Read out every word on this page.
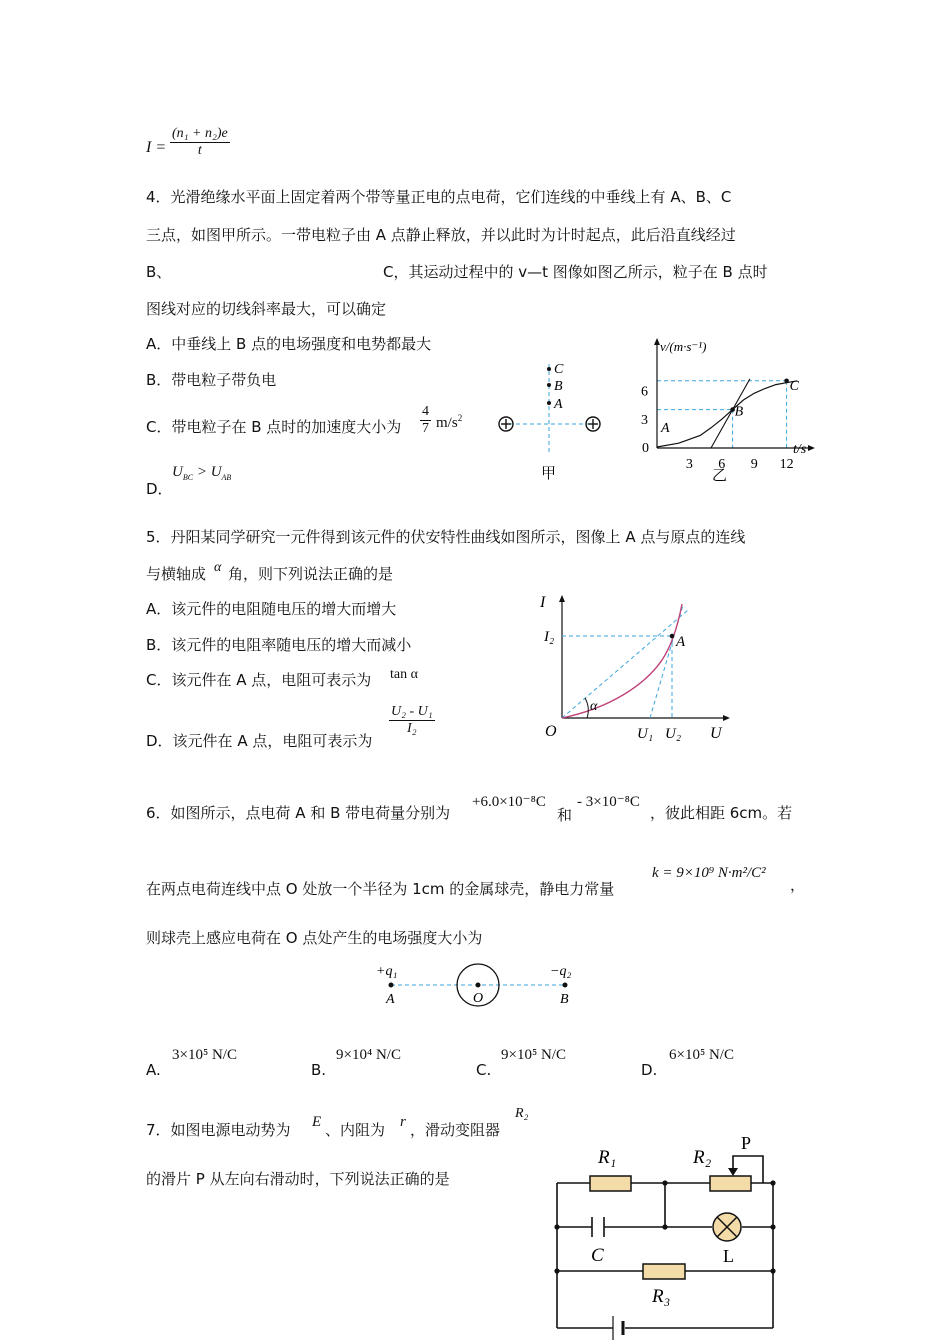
$I = \frac{\text{(n₁ + n₂)e}}{t}$
4．光滑绝缘水平面上固定着两个带等量正电的点电荷，它们连线的中垂线上有 A、B、C
三点，如图甲所示。一带电粒子由 A 点静止释放，并以此时为计时起点，此后沿直线经过
B、	C，其运动过程中的 v—t 图像如图乙所示，粒子在 B 点时
图线对应的切线斜率最大，可以确定
A．中垂线上 B 点的电场强度和电势都最大
B．带电粒子带负电
C．带电粒子在 B 点时的加速度大小为 $\frac{4}{7} m/s^2$
D．
$U_{BC} > U_{AB}$
C
B
A
甲
v/(m·s⁻¹)
t/s
0
3 6 9 12
3
6
A
B
C
乙
5．丹阳某同学研究一元件得到该元件的伏安特性曲线如图所示，图像上 A 点与原点的连线
与横轴成 α 角，则下列说法正确的是
A．该元件的电阻随电压的增大而增大
B．该元件的电阻率随电压的增大而减小
C．该元件在 A 点，电阻可表示为 tan α
D．该元件在 A 点，电阻可表示为
$\frac{\text{U₂ - U₁}}{\text{I₂}}$
I
U
O
I₂
U₁ U₂
A
α
6．如图所示，点电荷 A 和 B 带电荷量分别为
+6.0×10⁻⁸C
和
- 3×10⁻⁸C
，彼此相距 6cm。若
在两点电荷连线中点 O 处放一个半径为 1cm 的金属球壳，静电力常量
k = 9×10⁹ N·m²/C²
，
则球壳上感应电荷在 O 点处产生的电场强度大小为
+q₁	−q₂
A	O	B
A.
3×10⁵ N/C
B.
9×10⁴ N/C
C.
9×10⁵ N/C
D.
6×10⁵ N/C
7．如图电源电动势为 E 、内阻为 r ，滑动变阻器
R₂
的滑片 P 从左向右滑动时，下列说法正确的是
R₁	R₂
P
C	L
R₃
